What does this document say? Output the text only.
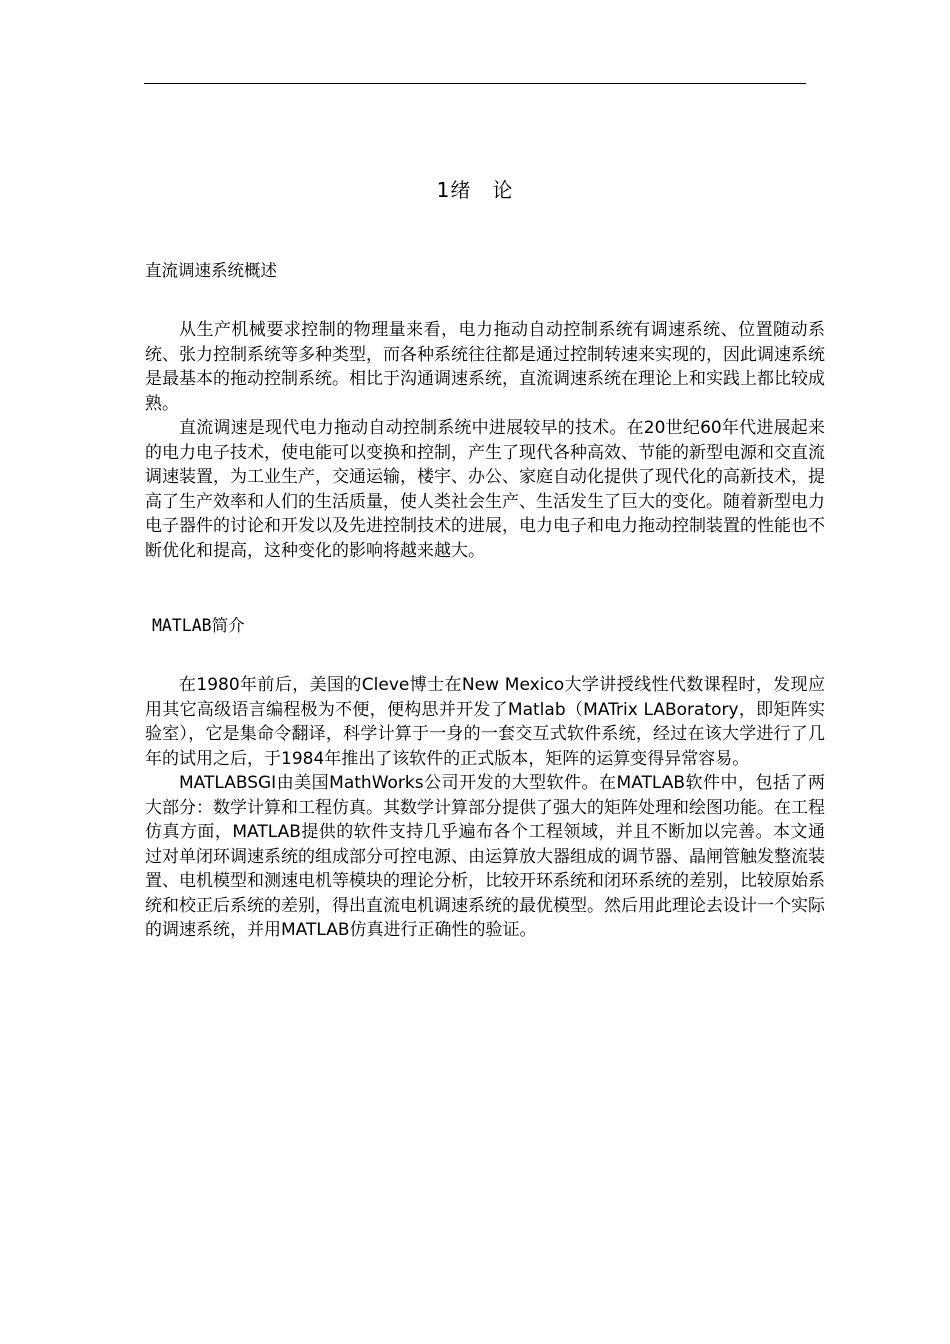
1绪　论
直流调速系统概述

从生产机械要求控制的物理量来看，电力拖动自动控制系统有调速系统、位置随动系统、张力控制系统等多种类型，而各种系统往往都是通过控制转速来实现的，因此调速系统是最基本的拖动控制系统。相比于沟通调速系统，直流调速系统在理论上和实践上都比较成熟。

直流调速是现代电力拖动自动控制系统中进展较早的技术。在20世纪60年代进展起来的电力电子技术，使电能可以变换和控制，产生了现代各种高效、节能的新型电源和交直流调速装置，为工业生产，交通运输，楼宇、办公、家庭自动化提供了现代化的高新技术，提高了生产效率和人们的生活质量，使人类社会生产、生活发生了巨大的变化。随着新型电力电子器件的讨论和开发以及先进控制技术的进展，电力电子和电力拖动控制装置的性能也不断优化和提高，这种变化的影响将越来越大。

MATLAB简介

在1980年前后，美国的Cleve博士在New Mexico大学讲授线性代数课程时，发现应用其它高级语言编程极为不便，便构思并开发了Matlab（MATrix LABoratory，即矩阵实验室），它是集命令翻译，科学计算于一身的一套交互式软件系统，经过在该大学进行了几年的试用之后，于1984年推出了该软件的正式版本，矩阵的运算变得异常容易。

MATLABSGI由美国MathWorks公司开发的大型软件。在MATLAB软件中，包括了两大部分：数学计算和工程仿真。其数学计算部分提供了强大的矩阵处理和绘图功能。在工程仿真方面，MATLAB提供的软件支持几乎遍布各个工程领域，并且不断加以完善。本文通过对单闭环调速系统的组成部分可控电源、由运算放大器组成的调节器、晶闸管触发整流装置、电机模型和测速电机等模块的理论分析，比较开环系统和闭环系统的差别，比较原始系统和校正后系统的差别，得出直流电机调速系统的最优模型。然后用此理论去设计一个实际的调速系统，并用MATLAB仿真进行正确性的验证。
